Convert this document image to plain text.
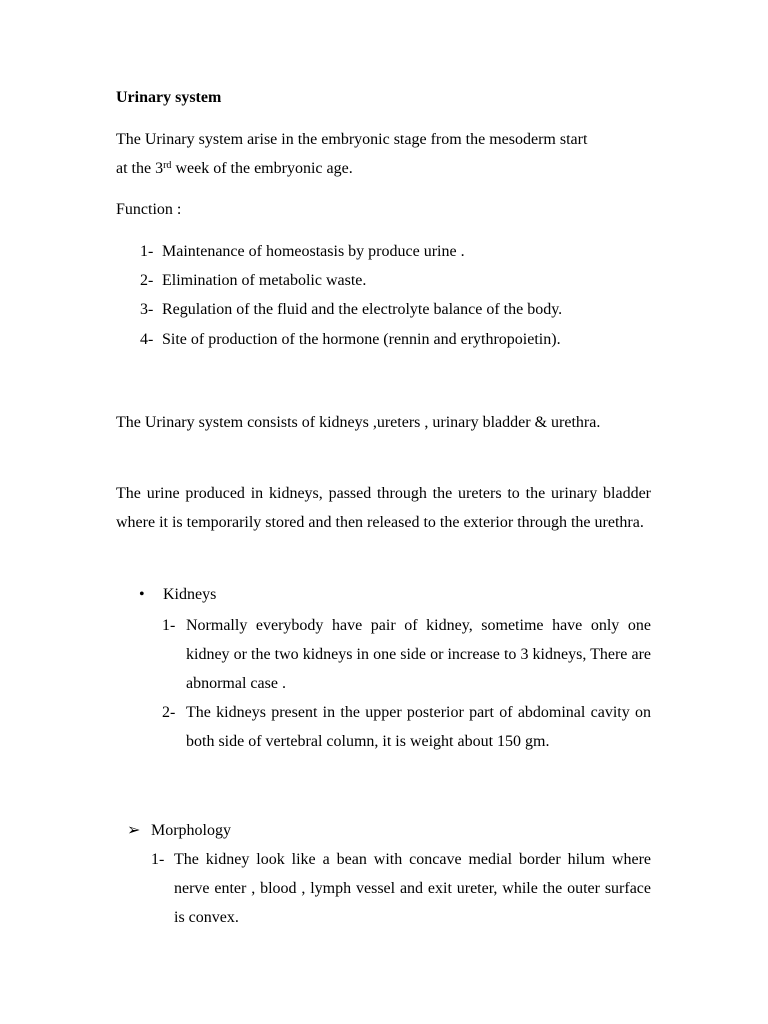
Urinary system
The Urinary system arise in the embryonic stage from the mesoderm start
at the 3rd week of the embryonic age.
Function :
1- Maintenance of homeostasis by produce urine .
2- Elimination of metabolic waste.
3- Regulation of the fluid and the electrolyte balance of the body.
4- Site of production of the hormone (rennin and erythropoietin).
The Urinary system consists of kidneys ,ureters , urinary bladder & urethra.
The urine produced in kidneys, passed through the ureters to the urinary bladder where it is temporarily stored and then released to the exterior through the urethra.
• Kidneys
1- Normally everybody have pair of kidney, sometime have only one kidney or the two kidneys in one side or increase to 3 kidneys, There are abnormal case .
2- The kidneys present in the upper posterior part of abdominal cavity on both side of vertebral column, it is weight about 150 gm.
➢ Morphology
1- The kidney look like a bean with concave medial border hilum where nerve enter , blood , lymph vessel and exit ureter, while the outer surface is convex.
